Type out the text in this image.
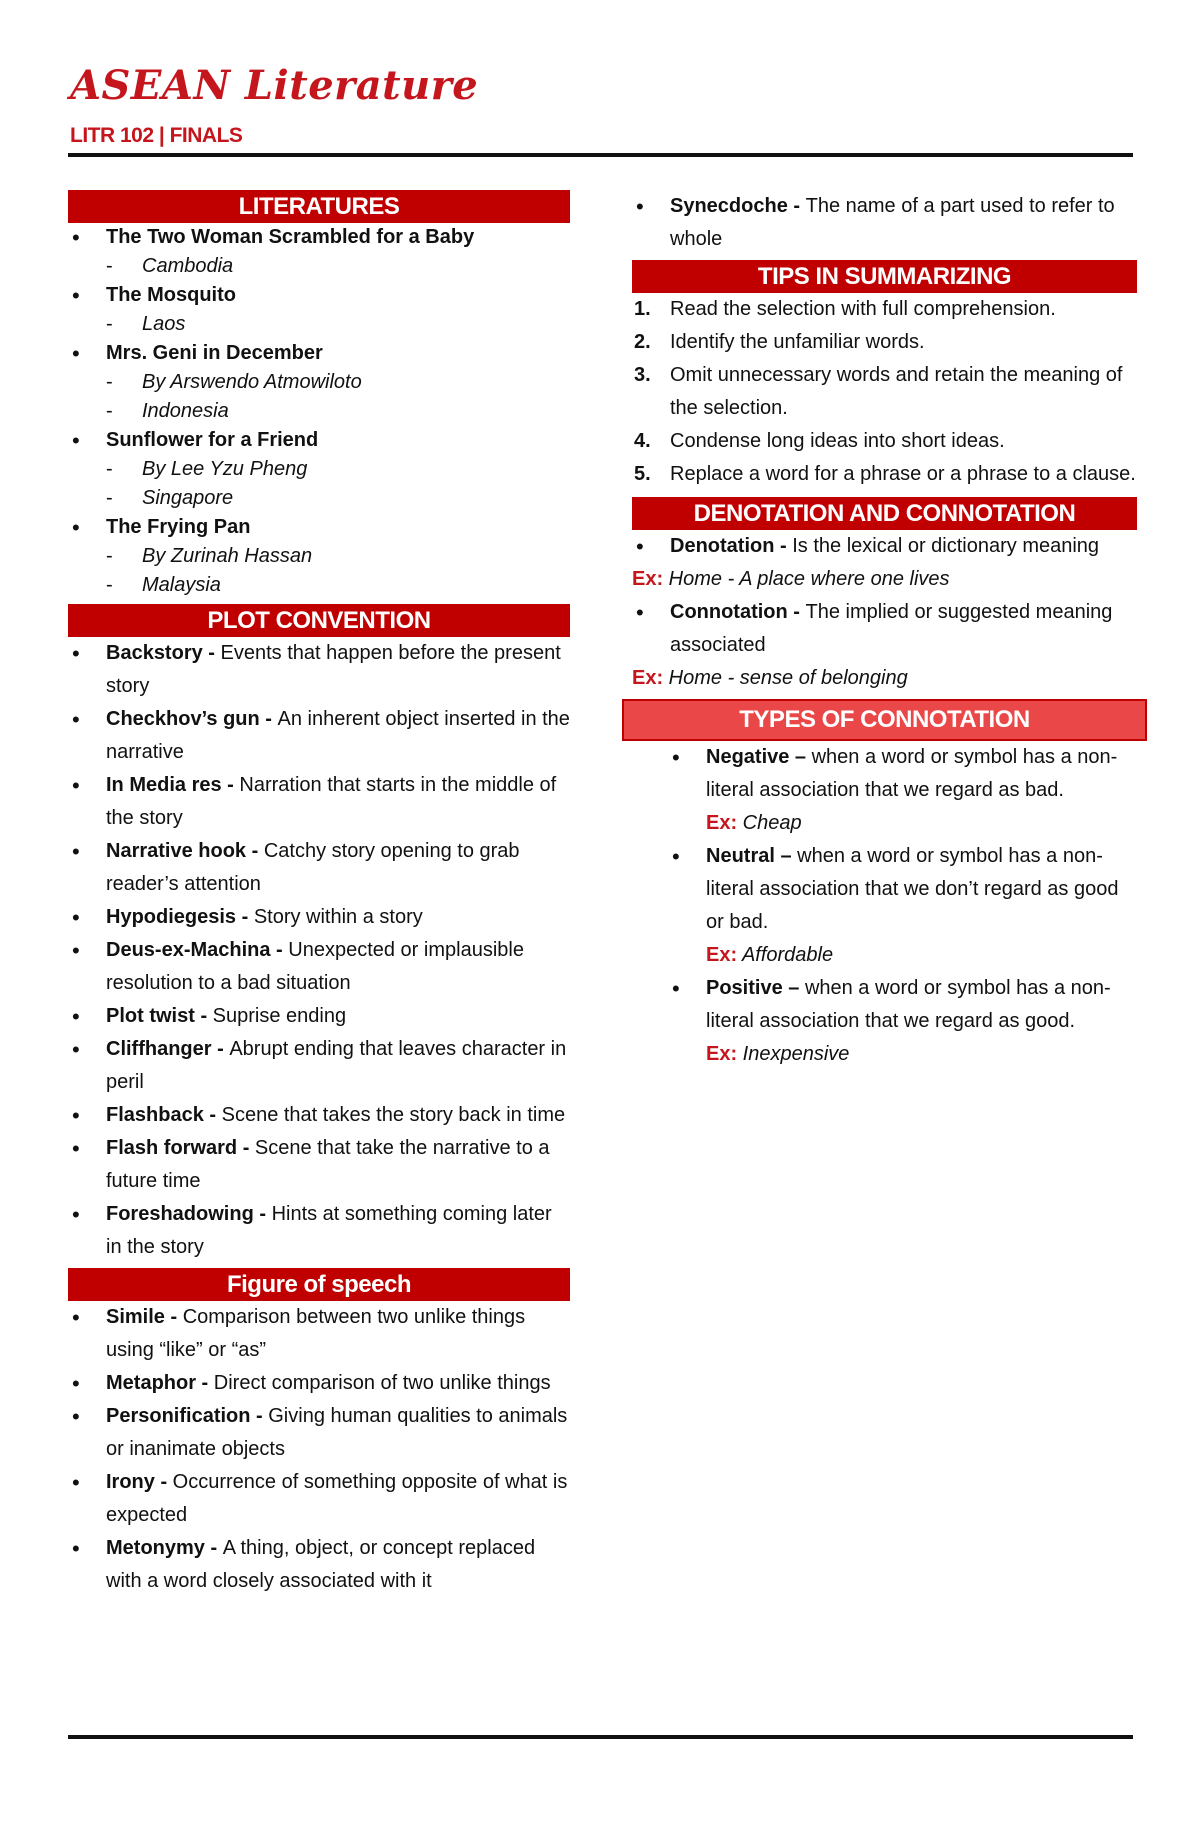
ASEAN Literature
LITR 102 | FINALS
LITERATURES
• The Two Woman Scrambled for a Baby
- Cambodia
• The Mosquito
- Laos
• Mrs. Geni in December
- By Arswendo Atmowiloto
- Indonesia
• Sunflower for a Friend
- By Lee Yzu Pheng
- Singapore
• The Frying Pan
- By Zurinah Hassan
- Malaysia
PLOT CONVENTION
• Backstory - Events that happen before the present story
• Checkhov’s gun - An inherent object inserted in the narrative
• In Media res - Narration that starts in the middle of the story
• Narrative hook - Catchy story opening to grab reader’s attention
• Hypodiegesis - Story within a story
• Deus-ex-Machina - Unexpected or implausible resolution to a bad situation
• Plot twist - Suprise ending
• Cliffhanger - Abrupt ending that leaves character in peril
• Flashback - Scene that takes the story back in time
• Flash forward - Scene that take the narrative to a future time
• Foreshadowing - Hints at something coming later in the story
Figure of speech
• Simile - Comparison between two unlike things using “like” or “as”
• Metaphor - Direct comparison of two unlike things
• Personification - Giving human qualities to animals or inanimate objects
• Irony - Occurrence of something opposite of what is expected
• Metonymy - A thing, object, or concept replaced with a word closely associated with it
• Synecdoche - The name of a part used to refer to whole
TIPS IN SUMMARIZING
1. Read the selection with full comprehension.
2. Identify the unfamiliar words.
3. Omit unnecessary words and retain the meaning of the selection.
4. Condense long ideas into short ideas.
5. Replace a word for a phrase or a phrase to a clause.
DENOTATION AND CONNOTATION
• Denotation - Is the lexical or dictionary meaning
Ex: Home - A place where one lives
• Connotation - The implied or suggested meaning associated
Ex: Home - sense of belonging
TYPES OF CONNOTATION
• Negative – when a word or symbol has a non-literal association that we regard as bad.
Ex: Cheap
• Neutral – when a word or symbol has a non-literal association that we don’t regard as good or bad.
Ex: Affordable
• Positive – when a word or symbol has a non-literal association that we regard as good.
Ex: Inexpensive
